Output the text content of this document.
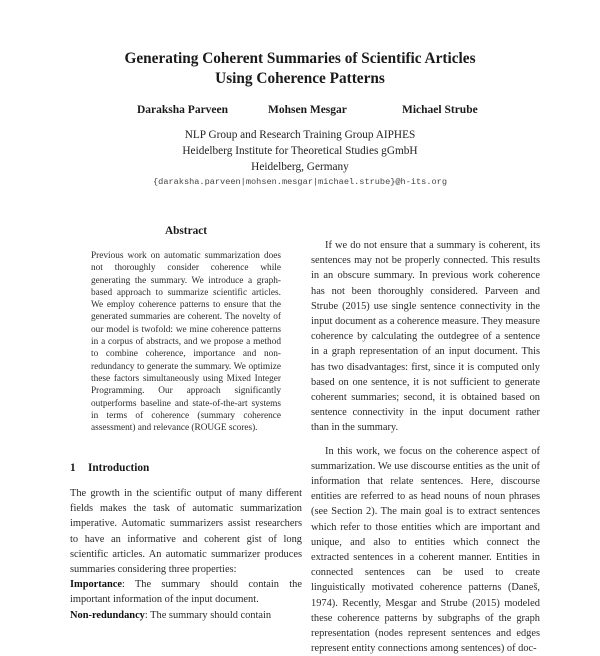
Generating Coherent Summaries of Scientific Articles
Using Coherence Patterns
Daraksha Parveen	Mohsen Mesgar	Michael Strube
NLP Group and Research Training Group AIPHES
Heidelberg Institute for Theoretical Studies gGmbH
Heidelberg, Germany
{daraksha.parveen|mohsen.mesgar|michael.strube}@h-its.org
Abstract
Previous work on automatic summarization does not thoroughly consider coherence while generating the summary. We introduce a graph-based approach to summarize scientific articles. We employ coherence patterns to ensure that the generated summaries are coherent. The novelty of our model is twofold: we mine coherence patterns in a corpus of abstracts, and we propose a method to combine coherence, importance and non-redundancy to generate the summary. We optimize these factors simultaneously using Mixed Integer Programming. Our approach significantly outperforms baseline and state-of-the-art systems in terms of coherence (summary coherence assessment) and relevance (ROUGE scores).
1 Introduction

The growth in the scientific output of many different fields makes the task of automatic summarization imperative. Automatic summarizers assist researchers to have an informative and coherent gist of long scientific articles. An automatic summarizer produces summaries considering three properties:

Importance: The summary should contain the important information of the input document.

Non-redundancy: The summary should contain

If we do not ensure that a summary is coherent, its sentences may not be properly connected. This results in an obscure summary. In previous work coherence has not been thoroughly considered. Parveen and Strube (2015) use single sentence connectivity in the input document as a coherence measure. They measure coherence by calculating the outdegree of a sentence in a graph representation of an input document. This has two disadvantages: first, since it is computed only based on one sentence, it is not sufficient to generate coherent summaries; second, it is obtained based on sentence connectivity in the input document rather than in the summary.

In this work, we focus on the coherence aspect of summarization. We use discourse entities as the unit of information that relate sentences. Here, discourse entities are referred to as head nouns of noun phrases (see Section 2). The main goal is to extract sentences which refer to those entities which are important and unique, and also to entities which connect the extracted sentences in a coherent manner. Entities in connected sentences can be used to create linguistically motivated coherence patterns (Daneš, 1974). Recently, Mesgar and Strube (2015) modeled these coherence patterns by subgraphs of the graph representation (nodes represent sentences and edges represent entity connections among sentences) of doc-
